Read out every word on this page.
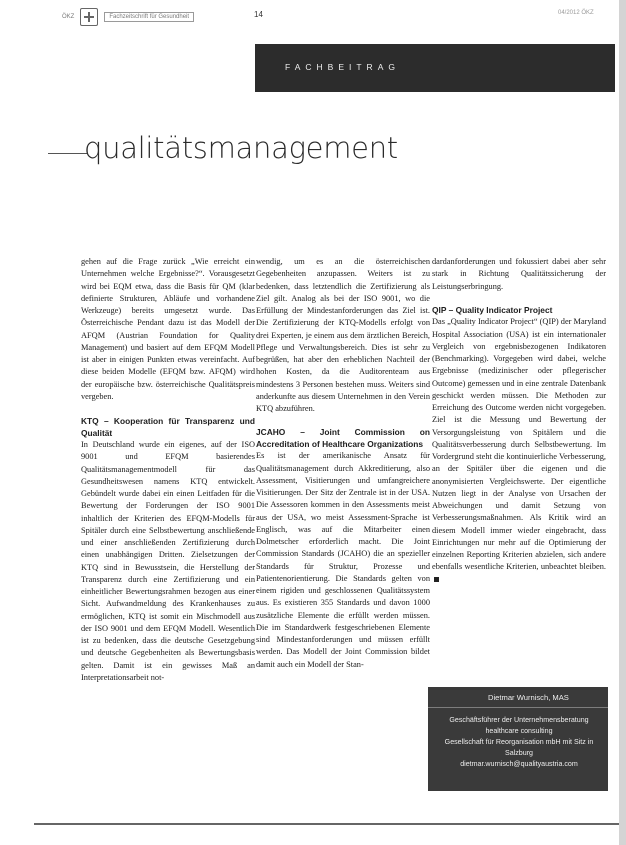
ÖKZ	Fachzeitschrift für Gesundheit	14	04/2012 ÖKZ
FACHBEITRAG
qualitätsmanagement

gehen auf die Frage zurück „Wie erreicht ein Unternehmen welche Ergebnisse?“. Vorausgesetzt wird bei EQM etwa, dass die Basis für QM (klar definierte Strukturen, Abläufe und vorhandene Werkzeuge) bereits umgesetzt wurde. Das Österreichische Pendant dazu ist das Modell der AFQM (Austrian Foundation for Quality Management) und basiert auf dem EFQM Modell ist aber in einigen Punkten etwas vereinfacht. Auf diese beiden Modelle (EFQM bzw. AFQM) wird der europäische bzw. österreichische Qualitätspreis vergeben.

KTQ – Kooperation für Transparenz und Qualität

In Deutschland wurde ein eigenes, auf der ISO 9001 und EFQM basierendes Qualitätsmanagementmodell für das Gesundheitswesen namens KTQ entwickelt. Gebündelt wurde dabei ein einen Leitfaden für die Bewertung der Forderungen der ISO 9001 inhaltlich der Kriterien des EFQM-Modells für Spitäler durch eine Selbstbewertung anschließende und einer anschließenden Zertifizierung durch einen unabhängigen Dritten. Zielsetzungen der KTQ sind in Bewusstsein, die Herstellung der Transparenz durch eine Zertifizierung und ein einheitlicher Bewertungsrahmen bezogen aus einer Sicht. Aufwandmeldung des Krankenhauses zu ermöglichen, KTQ ist somit ein Mischmodell aus der ISO 9001 und dem EFQM Modell. Wesentlich ist zu bedenken, dass die deutsche Gesetzgebung und deutsche Gegebenheiten als Bewertungsbasis gelten. Damit ist ein gewisses Maß an Interpretationsarbeit not-

wendig, um es an die österreichischen Gegebenheiten anzupassen. Weiters ist zu bedenken, dass letztendlich die Zertifizierung als Ziel gilt. Analog als bei der ISO 9001, wo die Erfüllung der Mindestanforderungen das Ziel ist. Die Zertifizierung der KTQ-Modells erfolgt von drei Experten, je einem aus dem ärztlichen Bereich, Pflege und Verwaltungsbereich. Dies ist sehr zu begrüßen, hat aber den erheblichen Nachteil der hohen Kosten, da die Auditorenteam aus mindestens 3 Personen bestehen muss. Weiters sind anderkunfte aus diesem Unternehmen in den Verein KTQ abzuführen.

JCAHO – Joint Commission on Accreditation of Healthcare Organizations

Es ist der amerikanische Ansatz für Qualitätsmanagement durch Akkreditierung, also Assessment, Visitierungen und umfangreichere Visitierungen. Der Sitz der Zentrale ist in der USA. Die Assessoren kommen in den Assessments meist aus der USA, wo meist Assessment-Sprache ist Englisch, was auf die Mitarbeiter einen Dolmetscher erforderlich macht. Die Joint Commission Standards (JCAHO) die an spezieller Standards für Struktur, Prozesse und Patientenorientierung. Die Standards gelten von einem rigiden und geschlossenen Qualitätssystem aus. Es existieren 355 Standards und davon 1000 zusätzliche Elemente die erfüllt werden müssen. Die im Standardwerk festgeschriebenen Elemente sind Mindestanforderungen und müssen erfüllt werden. Das Modell der Joint Commission bildet damit auch ein Modell der Stan-

dardanforderungen und fokussiert dabei aber sehr stark in Richtung Qualitätssicherung der Leistungserbringung.

QIP – Quality Indicator Project

Das „Quality Indicator Project“ (QIP) der Maryland Hospital Association (USA) ist ein internationaler Vergleich von ergebnisbezogenen Indikatoren (Benchmarking). Vorgegeben wird dabei, welche Ergebnisse (medizinischer oder pflegerischer Outcome) gemessen und in eine zentrale Datenbank geschickt werden müssen. Die Methoden zur Erreichung des Outcome werden nicht vorgegeben. Ziel ist die Messung und Bewertung der Versorgungsleistung von Spitälern und die Qualitätsverbesserung durch Selbstbewertung. Im Vordergrund steht die kontinuierliche Verbesserung, an der Spitäler über die eigenen und die anonymisierten Vergleichswerte. Der eigentliche Nutzen liegt in der Analyse von Ursachen der Abweichungen und damit Setzung von Verbesserungsmaßnahmen. Als Kritik wird an diesem Modell immer wieder eingebracht, dass Einrichtungen nur mehr auf die Optimierung der einzelnen Reporting Kriterien abzielen, sich andere ebenfalls wesentliche Kriterien, unbeachtet bleiben.

Dietmar Wurnisch, MAS

Geschäftsführer der Unternehmensberatung healthcare consulting

Gesellschaft für Reorganisation mbH mit Sitz in Salzburg

dietmar.wurnisch@qualityaustria.com
